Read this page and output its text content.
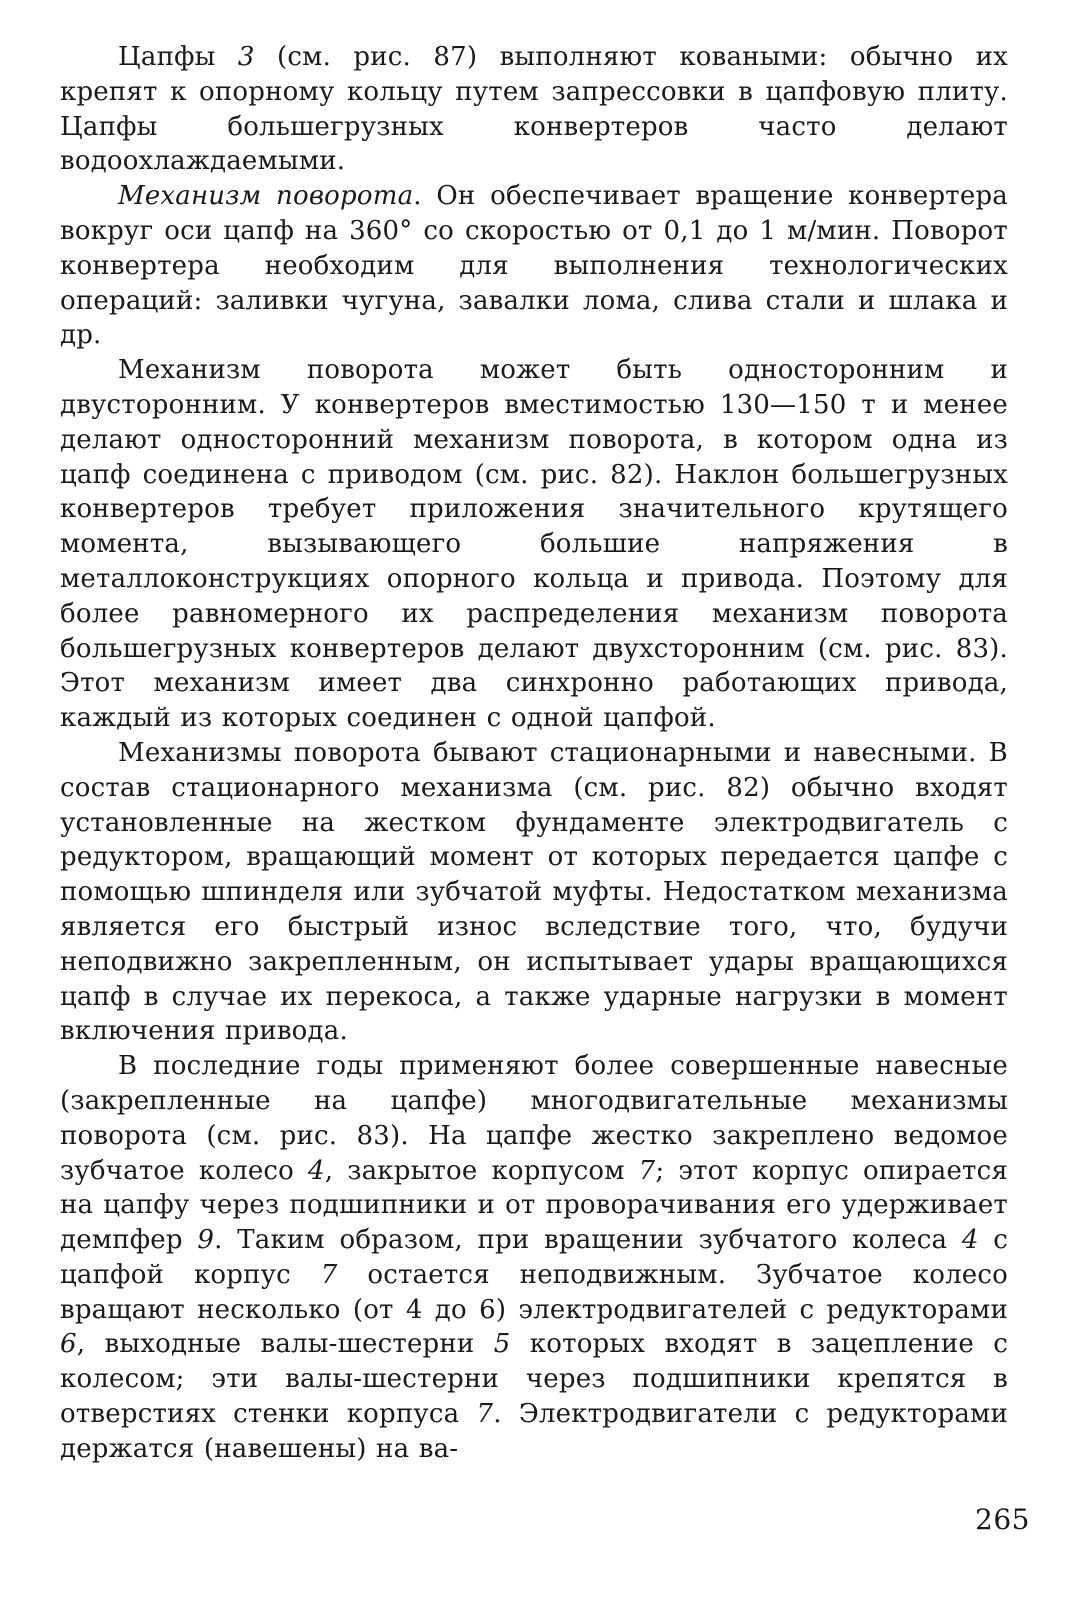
Цапфы 3 (см. рис. 87) выполняют коваными: обычно их крепят к опорному кольцу путем запрессовки в цапфовую плиту. Цапфы большегрузных конвертеров часто делают водоохлаждаемыми.

Механизм поворота. Он обеспечивает вращение конвертера вокруг оси цапф на 360° со скоростью от 0,1 до 1 м/мин. Поворот конвертера необходим для выполнения технологических операций: заливки чугуна, завалки лома, слива стали и шлака и др.

Механизм поворота может быть односторонним и двусторонним. У конвертеров вместимостью 130—150 т и менее делают односторонний механизм поворота, в котором одна из цапф соединена с приводом (см. рис. 82). Наклон большегрузных конвертеров требует приложения значительного крутящего момента, вызывающего большие напряжения в металлоконструкциях опорного кольца и привода. Поэтому для более равномерного их распределения механизм поворота большегрузных конвертеров делают двухсторонним (см. рис. 83). Этот механизм имеет два синхронно работающих привода, каждый из которых соединен с одной цапфой.

Механизмы поворота бывают стационарными и навесными. В состав стационарного механизма (см. рис. 82) обычно входят установленные на жестком фундаменте электродвигатель с редуктором, вращающий момент от которых передается цапфе с помощью шпинделя или зубчатой муфты. Недостатком механизма является его быстрый износ вследствие того, что, будучи неподвижно закрепленным, он испытывает удары вращающихся цапф в случае их перекоса, а также ударные нагрузки в момент включения привода.

В последние годы применяют более совершенные навесные (закрепленные на цапфе) многодвигательные механизмы поворота (см. рис. 83). На цапфе жестко закреплено ведомое зубчатое колесо 4, закрытое корпусом 7; этот корпус опирается на цапфу через подшипники и от проворачивания его удерживает демпфер 9. Таким образом, при вращении зубчатого колеса 4 с цапфой корпус 7 остается неподвижным. Зубчатое колесо вращают несколько (от 4 до 6) электродвигателей с редукторами 6, выходные валы-шестерни 5 которых входят в зацепление с колесом; эти валы-шестерни через подшипники крепятся в отверстиях стенки корпуса 7. Электродвигатели с редукторами держатся (навешены) на ва-

265
